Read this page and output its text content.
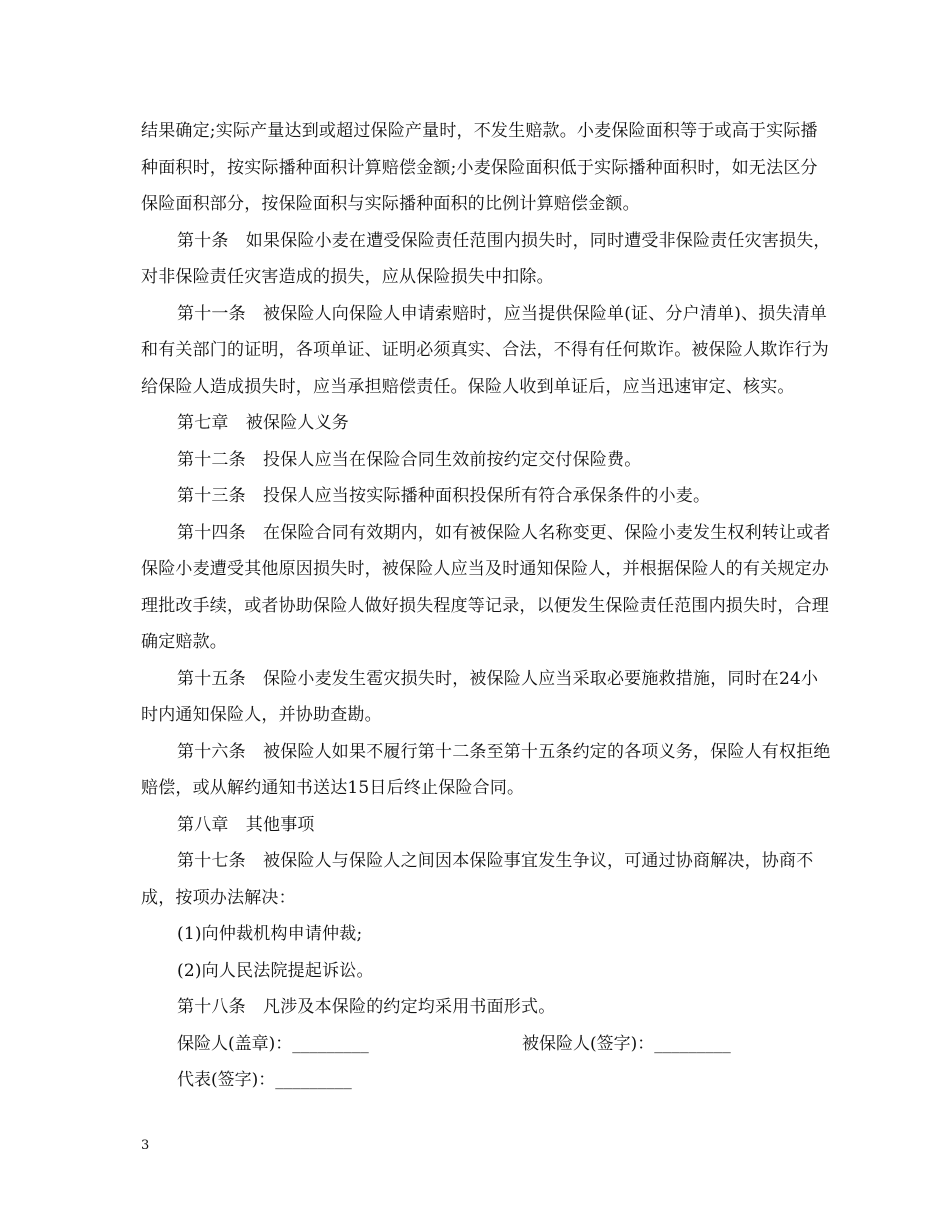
结果确定;实际产量达到或超过保险产量时，不发生赔款。小麦保险面积等于或高于实际播种面积时，按实际播种面积计算赔偿金额;小麦保险面积低于实际播种面积时，如无法区分保险面积部分，按保险面积与实际播种面积的比例计算赔偿金额。

第十条　如果保险小麦在遭受保险责任范围内损失时，同时遭受非保险责任灾害损失，对非保险责任灾害造成的损失，应从保险损失中扣除。

第十一条　被保险人向保险人申请索赔时，应当提供保险单(证、分户清单)、损失清单和有关部门的证明，各项单证、证明必须真实、合法，不得有任何欺诈。被保险人欺诈行为给保险人造成损失时，应当承担赔偿责任。保险人收到单证后，应当迅速审定、核实。

第七章　被保险人义务

第十二条　投保人应当在保险合同生效前按约定交付保险费。

第十三条　投保人应当按实际播种面积投保所有符合承保条件的小麦。

第十四条　在保险合同有效期内，如有被保险人名称变更、保险小麦发生权利转让或者保险小麦遭受其他原因损失时，被保险人应当及时通知保险人，并根据保险人的有关规定办理批改手续，或者协助保险人做好损失程度等记录，以便发生保险责任范围内损失时，合理确定赔款。

第十五条　保险小麦发生雹灾损失时，被保险人应当采取必要施救措施，同时在24小时内通知保险人，并协助查勘。

第十六条　被保险人如果不履行第十二条至第十五条约定的各项义务，保险人有权拒绝赔偿，或从解约通知书送达15日后终止保险合同。

第八章　其他事项

第十七条　被保险人与保险人之间因本保险事宜发生争议，可通过协商解决，协商不成，按项办法解决：

(1)向仲裁机构申请仲裁;

(2)向人民法院提起诉讼。

第十八条　凡涉及本保险的约定均采用书面形式。

保险人(盖章)：_________	被保险人(签字)：_________
代表(签字)：_________
3
